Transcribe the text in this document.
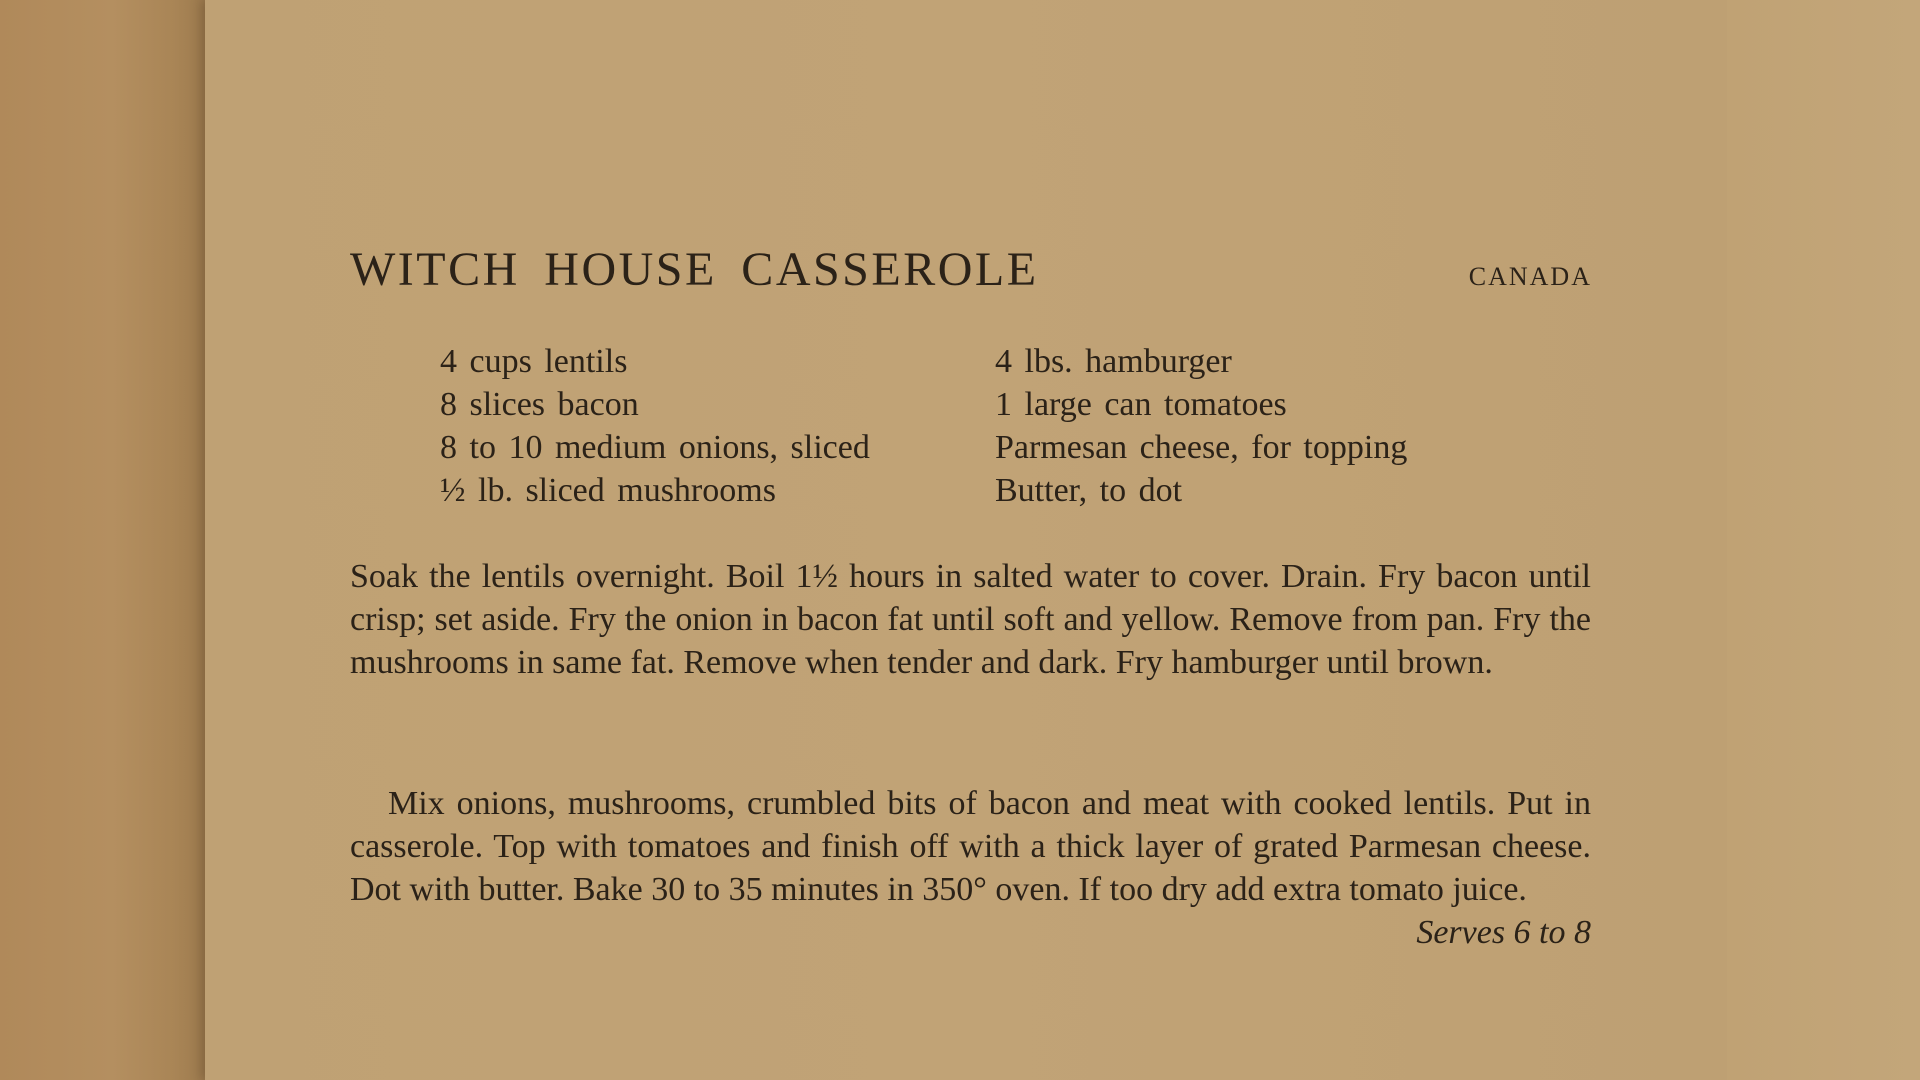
WITCH HOUSE CASSEROLE	CANADA
4 cups lentils
8 slices bacon
8 to 10 medium onions, sliced
½ lb. sliced mushrooms
4 lbs. hamburger
1 large can tomatoes
Parmesan cheese, for topping
Butter, to dot

Soak the lentils overnight. Boil 1½ hours in salted water to cover. Drain. Fry bacon until crisp; set aside. Fry the onion in bacon fat until soft and yellow. Remove from pan. Fry the mushrooms in same fat. Remove when tender and dark. Fry hamburger until brown.

Mix onions, mushrooms, crumbled bits of bacon and meat with cooked lentils. Put in casserole. Top with tomatoes and finish off with a thick layer of grated Parmesan cheese. Dot with butter. Bake 30 to 35 minutes in 350° oven. If too dry add extra tomato juice.
Serves 6 to 8
